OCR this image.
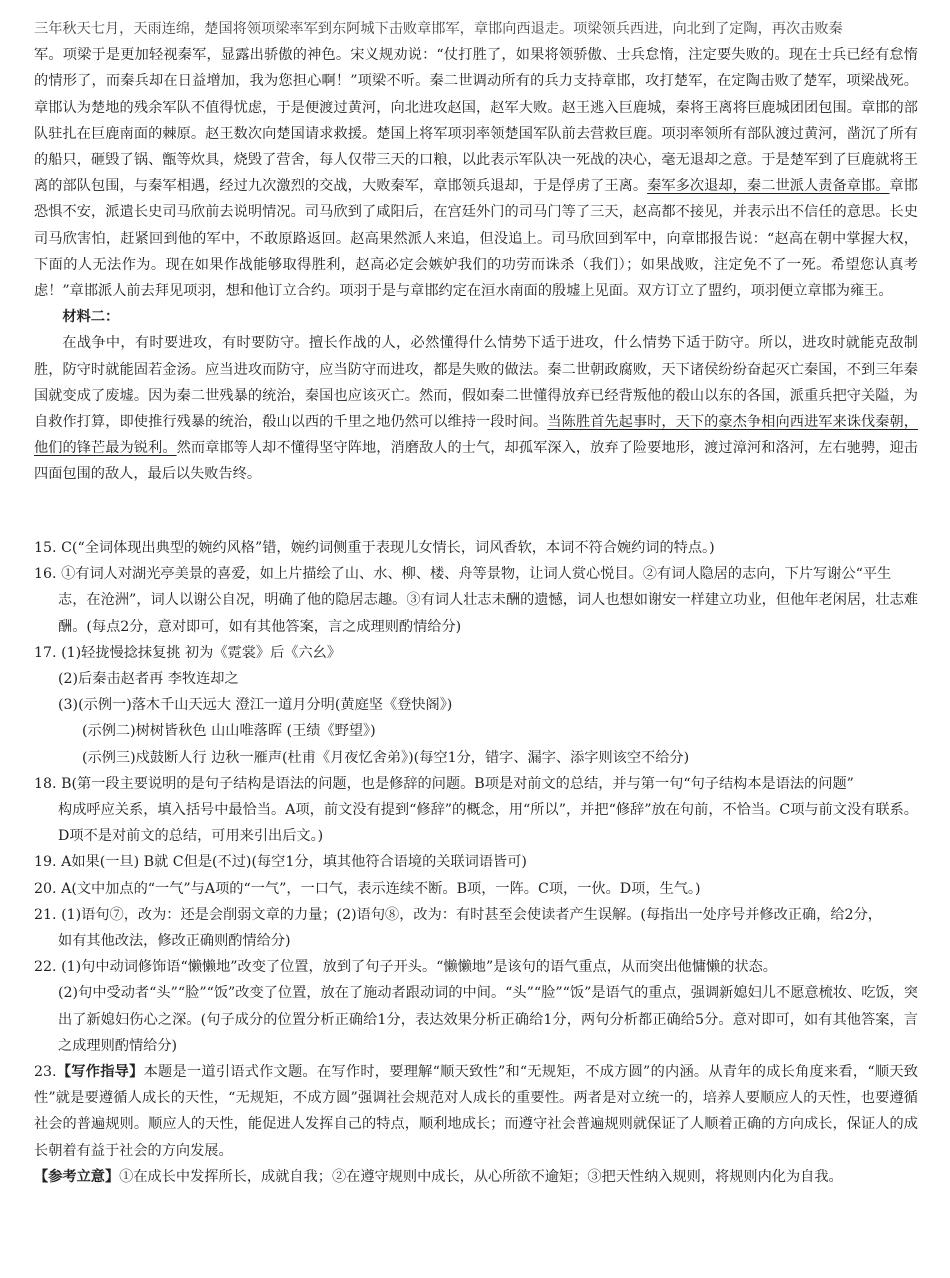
三年秋天七月，天雨连绵，楚国将领项梁率军到东阿城下击败章邯军，章邯向西退走。项梁领兵西进，向北到了定陶，再次击败秦
军。项梁于是更加轻视秦军，显露出骄傲的神色。宋义规劝说：“仗打胜了，如果将领骄傲、士兵怠惰，注定要失败的。现在士兵已经有怠惰的情形了，而秦兵却在日益增加，我为您担心啊！”项梁不听。秦二世调动所有的兵力支持章邯，攻打楚军，在定陶击败了楚军，项梁战死。章邯认为楚地的残余军队不值得忧虑，于是便渡过黄河，向北进攻赵国，赵军大败。赵王逃入巨鹿城，秦将王离将巨鹿城团团包围。章邯的部队驻扎在巨鹿南面的棘原。赵王数次向楚国请求救援。楚国上将军项羽率领楚国军队前去营救巨鹿。项羽率领所有部队渡过黄河，凿沉了所有的船只，砸毁了锅、甑等炊具，烧毁了营舍，每人仅带三天的口粮，以此表示军队决一死战的决心，毫无退却之意。于是楚军到了巨鹿就将王离的部队包围，与秦军相遇，经过九次激烈的交战，大败秦军，章邯领兵退却，于是俘虏了王离。秦军多次退却，秦二世派人责备章邯。章邯恐惧不安，派遣长史司马欣前去说明情况。司马欣到了咸阳后，在宫廷外门的司马门等了三天，赵高都不接见，并表示出不信任的意思。长史司马欣害怕，赶紧回到他的军中，不敢原路返回。赵高果然派人来追，但没追上。司马欣回到军中，向章邯报告说：“赵高在朝中掌握大权，下面的人无法作为。现在如果作战能够取得胜利，赵高必定会嫉妒我们的功劳而诛杀（我们）；如果战败，注定免不了一死。希望您认真考虑！”章邯派人前去拜见项羽，想和他订立合约。项羽于是与章邯约定在洹水南面的殷墟上见面。双方订立了盟约，项羽便立章邯为雍王。

材料二：

在战争中，有时要进攻，有时要防守。擅长作战的人，必然懂得什么情势下适于进攻，什么情势下适于防守。所以，进攻时就能克敌制胜，防守时就能固若金汤。应当进攻而防守，应当防守而进攻，都是失败的做法。秦二世朝政腐败，天下诸侯纷纷奋起灭亡秦国，不到三年秦国就变成了废墟。因为秦二世残暴的统治，秦国也应该灭亡。然而，假如秦二世懂得放弃已经背叛他的殽山以东的各国，派重兵把守关隘，为自救作打算，即使推行残暴的统治，殽山以西的千里之地仍然可以维持一段时间。当陈胜首先起事时，天下的豪杰争相向西进军来诛伐秦朝，他们的锋芒最为锐利。然而章邯等人却不懂得坚守阵地，消磨敌人的士气，却孤军深入，放弃了险要地形，渡过漳河和洛河，左右驰骋，迎击四面包围的敌人，最后以失败告终。

15. C(“全词体现出典型的婉约风格”错，婉约词侧重于表现儿女情长，词风香软，本词不符合婉约词的特点。)

16. ①有词人对湖光亭美景的喜爱，如上片描绘了山、水、柳、楼、舟等景物，让词人赏心悦目。②有词人隐居的志向，下片写谢公“平生

志，在沧洲”，词人以谢公自况，明确了他的隐居志趣。③有词人壮志未酬的遗憾，词人也想如谢安一样建立功业，但他年老闲居，壮志难酬。(每点2分，意对即可，如有其他答案，言之成理则酌情给分)

17. (1)轻拢慢捻抹复挑 初为《霓裳》后《六幺》

(2)后秦击赵者再 李牧连却之

(3)(示例一)落木千山天远大 澄江一道月分明(黄庭坚《登快阁》)

(示例二)树树皆秋色 山山唯落晖 (王绩《野望》)

(示例三)戍鼓断人行 边秋一雁声(杜甫《月夜忆舍弟》)(每空1分，错字、漏字、添字则该空不给分)

18. B(第一段主要说明的是句子结构是语法的问题，也是修辞的问题。B项是对前文的总结，并与第一句“句子结构本是语法的问题”

构成呼应关系，填入括号中最恰当。A项，前文没有提到“修辞”的概念，用“所以”，并把“修辞”放在句前，不恰当。C项与前文没有联系。D项不是对前文的总结，可用来引出后文。)

19. A如果(一旦) B就 C但是(不过)(每空1分，填其他符合语境的关联词语皆可)

20. A(文中加点的“一气”与A项的“一气”，一口气，表示连续不断。B项，一阵。C项，一伙。D项，生气。)

21. (1)语句⑦，改为：还是会削弱文章的力量；(2)语句⑧，改为：有时甚至会使读者产生误解。(每指出一处序号并修改正确，给2分，

如有其他改法，修改正确则酌情给分)

22. (1)句中动词修饰语“懒懒地”改变了位置，放到了句子开头。“懒懒地”是该句的语气重点，从而突出他慵懒的状态。

(2)句中受动者“头”“脸”“饭”改变了位置，放在了施动者跟动词的中间。“头”“脸”“饭”是语气的重点，强调新媳妇儿不愿意梳妆、吃饭，突出了新媳妇伤心之深。(句子成分的位置分析正确给1分，表达效果分析正确给1分，两句分析都正确给5分。意对即可，如有其他答案，言之成理则酌情给分)

23.【写作指导】本题是一道引语式作文题。在写作时，要理解“顺天致性”和“无规矩，不成方圆”的内涵。从青年的成长角度来看，“顺天致性”就是要遵循人成长的天性，“无规矩，不成方圆”强调社会规范对人成长的重要性。两者是对立统一的，培养人要顺应人的天性，也要遵循社会的普遍规则。顺应人的天性，能促进人发挥自己的特点，顺利地成长；而遵守社会普遍规则就保证了人顺着正确的方向成长，保证人的成长朝着有益于社会的方向发展。

【参考立意】①在成长中发挥所长，成就自我；②在遵守规则中成长，从心所欲不逾矩；③把天性纳入规则，将规则内化为自我。
